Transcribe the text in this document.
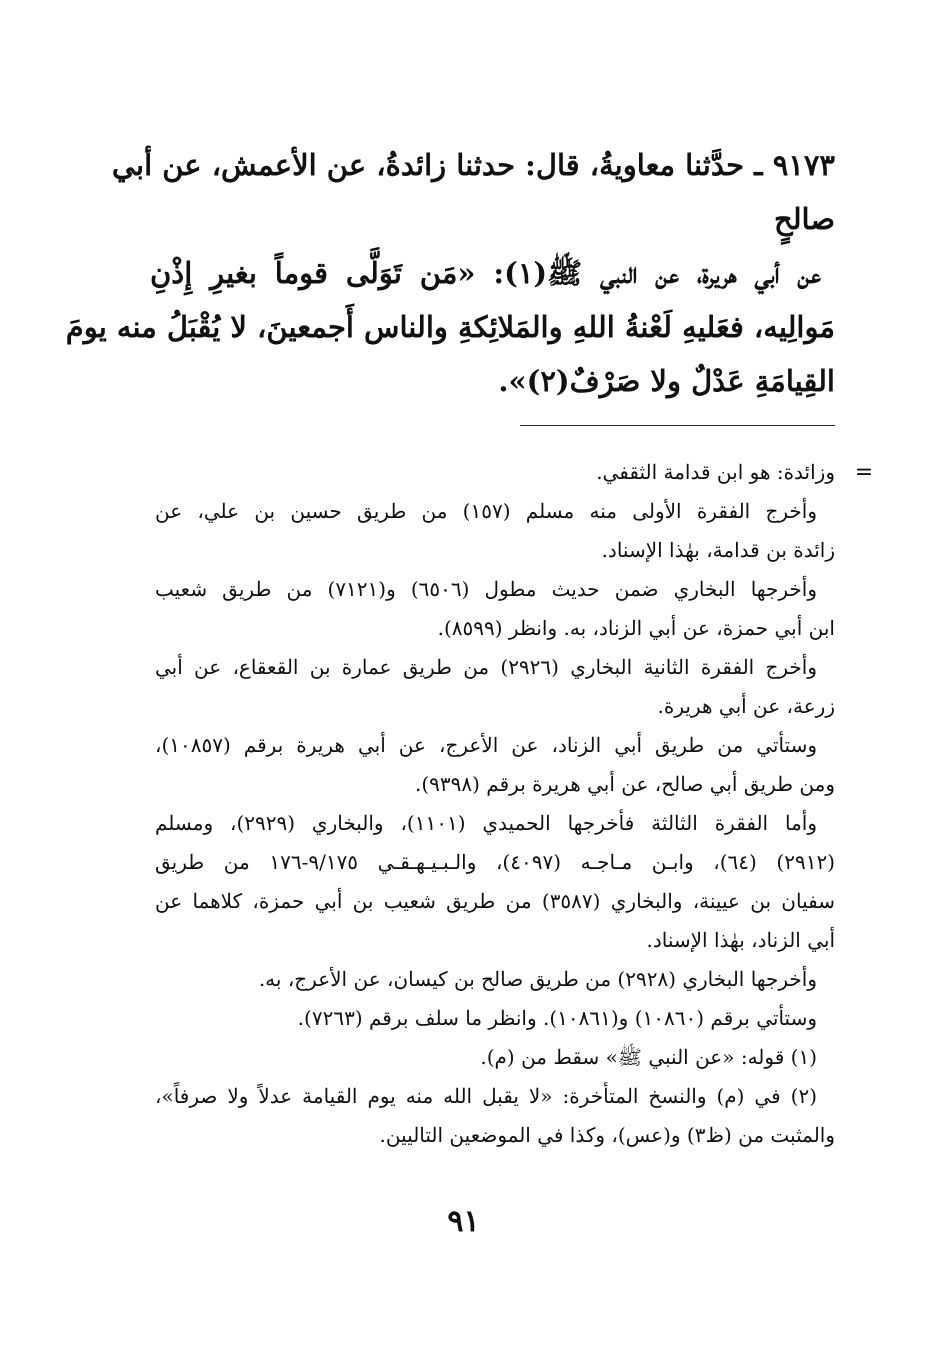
٩١٧٣ ـ حدَّثنا معاويةُ، قال: حدثنا زائدةُ، عن الأعمش، عن أبي
صالحٍ
عن أبي هريرة، عن النبي ﷺ(١): «مَن تَوَلَّى قوماً بغيرِ إِذْنِ
مَوالِيه، فعَليهِ لَعْنةُ اللهِ والمَلائِكةِ والناس أَجمعينَ، لا يُقْبَلُ منه يومَ
القِيامَةِ عَدْلٌ ولا صَرْفٌ(٢)».
=
وزائدة: هو ابن قدامة الثقفي.
وأخرج الفقرة الأولى منه مسلم (١٥٧) من طريق حسين بن علي، عن
زائدة بن قدامة، بهٰذا الإسناد.
وأخرجها البخاري ضمن حديث مطول (٦٥٠٦) و(٧١٢١) من طريق شعيب
ابن أبي حمزة، عن أبي الزناد، به. وانظر (٨٥٩٩).
وأخرج الفقرة الثانية البخاري (٢٩٢٦) من طريق عمارة بن القعقاع، عن أبي
زرعة، عن أبي هريرة.
وستأتي من طريق أبي الزناد، عن الأعرج، عن أبي هريرة برقم (١٠٨٥٧)،
ومن طريق أبي صالح، عن أبي هريرة برقم (٩٣٩٨).
وأما الفقرة الثالثة فأخرجها الحميدي (١١٠١)، والبخاري (٢٩٢٩)، ومسلم
(٢٩١٢) (٦٤)، وابـن مـاجـه (٤٠٩٧)، والـبـيـهـقـي ٩/١٧٥-١٧٦ من طريق
سفيان بن عيينة، والبخاري (٣٥٨٧) من طريق شعيب بن أبي حمزة، كلاهما عن
أبي الزناد، بهٰذا الإسناد.
وأخرجها البخاري (٢٩٢٨) من طريق صالح بن كيسان، عن الأعرج، به.
وستأتي برقم (١٠٨٦٠) و(١٠٨٦١). وانظر ما سلف برقم (٧٢٦٣).
(١) قوله: «عن النبي ﷺ» سقط من (م).
(٢) في (م) والنسخ المتأخرة: «لا يقبل الله منه يوم القيامة عدلاً ولا صرفاً»،
والمثبت من (ظ٣) و(عس)، وكذا في الموضعين التاليين.
٩١
